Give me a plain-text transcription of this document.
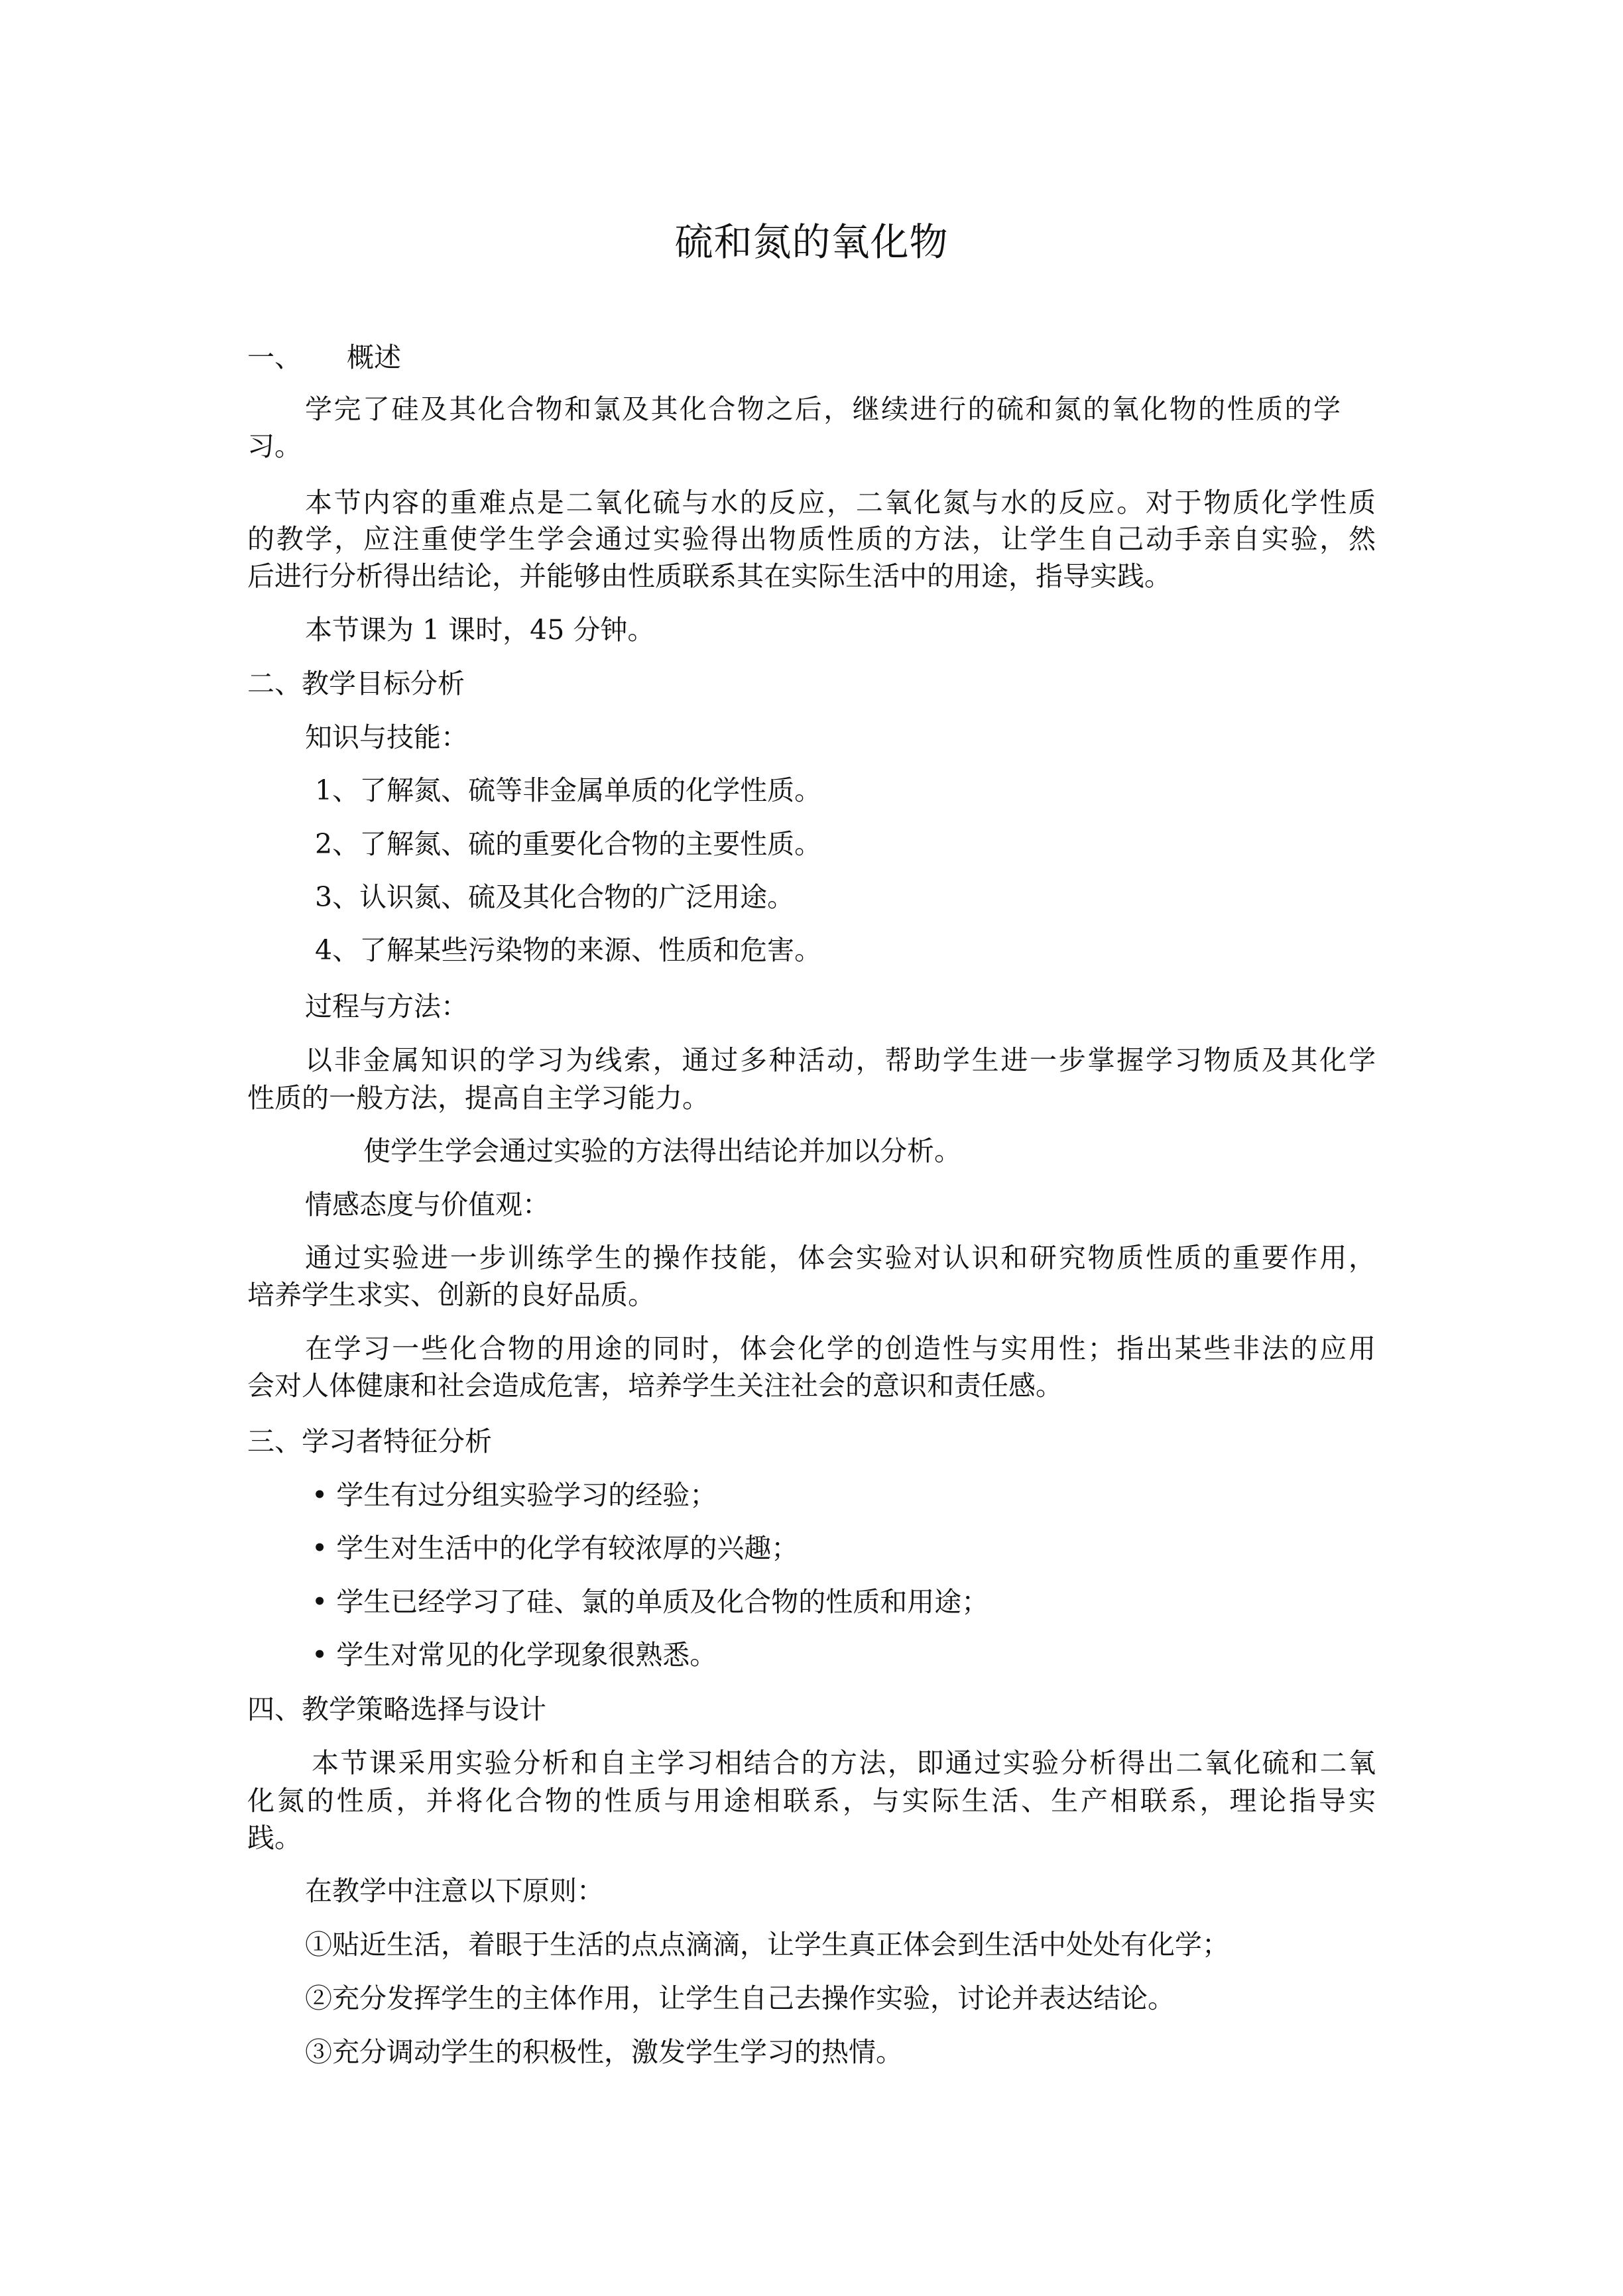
硫和氮的氧化物
一、 概述
学完了硅及其化合物和氯及其化合物之后，继续进行的硫和氮的氧化物的性质的学
习。
本节内容的重难点是二氧化硫与水的反应，二氧化氮与水的反应。对于物质化学性质
的教学，应注重使学生学会通过实验得出物质性质的方法，让学生自己动手亲自实验，然
后进行分析得出结论，并能够由性质联系其在实际生活中的用途，指导实践。
本节课为 1 课时，45 分钟。
二、教学目标分析
知识与技能：
1、了解氮、硫等非金属单质的化学性质。
2、了解氮、硫的重要化合物的主要性质。
3、认识氮、硫及其化合物的广泛用途。
4、了解某些污染物的来源、性质和危害。
过程与方法：
以非金属知识的学习为线索，通过多种活动，帮助学生进一步掌握学习物质及其化学
性质的一般方法，提高自主学习能力。
使学生学会通过实验的方法得出结论并加以分析。
情感态度与价值观：
通过实验进一步训练学生的操作技能，体会实验对认识和研究物质性质的重要作用，
培养学生求实、创新的良好品质。
在学习一些化合物的用途的同时，体会化学的创造性与实用性；指出某些非法的应用
会对人体健康和社会造成危害，培养学生关注社会的意识和责任感。
三、学习者特征分析
• 学生有过分组实验学习的经验；
• 学生对生活中的化学有较浓厚的兴趣；
• 学生已经学习了硅、氯的单质及化合物的性质和用途；
• 学生对常见的化学现象很熟悉。
四、教学策略选择与设计
本节课采用实验分析和自主学习相结合的方法，即通过实验分析得出二氧化硫和二氧
化氮的性质，并将化合物的性质与用途相联系，与实际生活、生产相联系，理论指导实
践。
在教学中注意以下原则：
①贴近生活，着眼于生活的点点滴滴，让学生真正体会到生活中处处有化学；
②充分发挥学生的主体作用，让学生自己去操作实验，讨论并表达结论。
③充分调动学生的积极性，激发学生学习的热情。
